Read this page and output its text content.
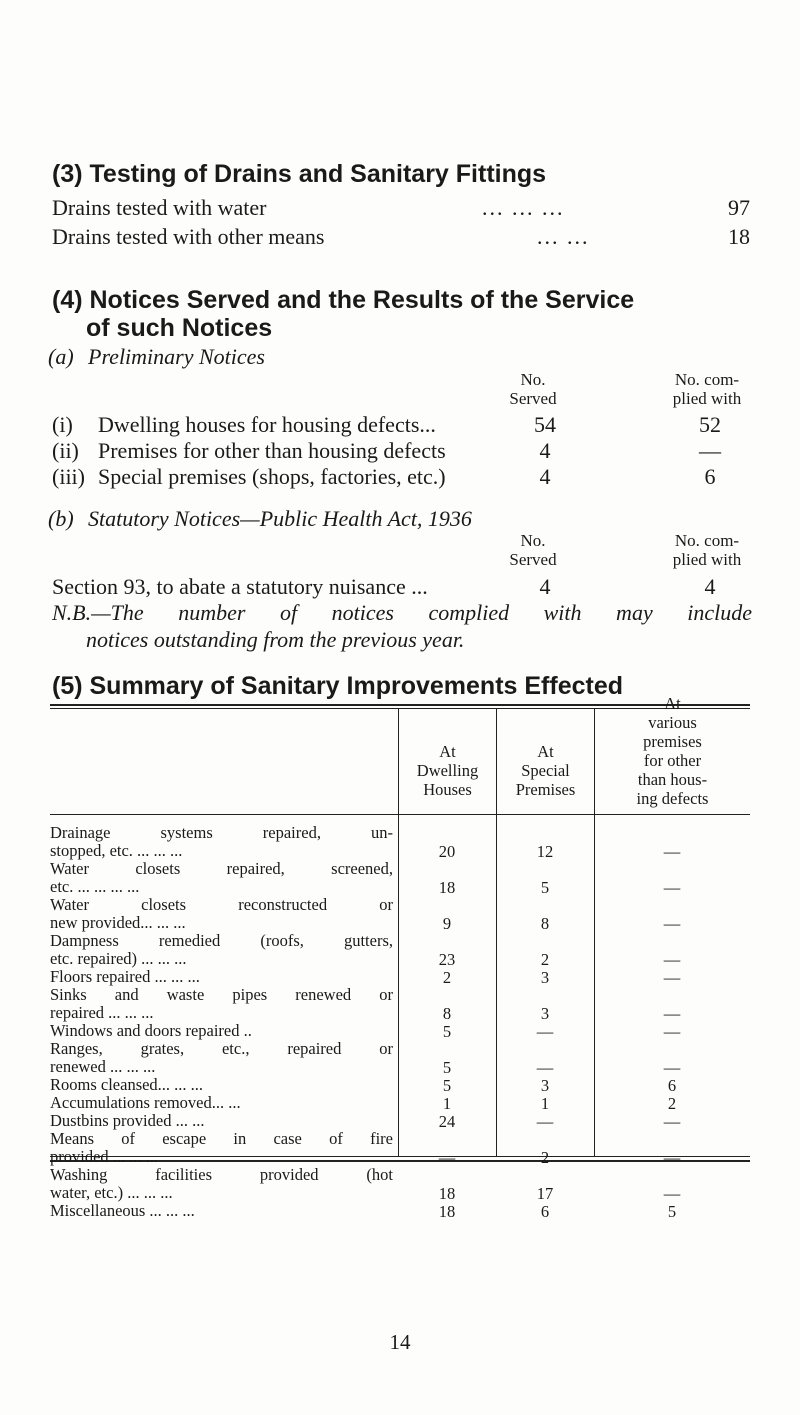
(3) Testing of Drains and Sanitary Fittings
Drains tested with water	... ... ...	97
Drains tested with other means	... ...	18
(4) Notices Served and the Results of the Service
of such Notices
(a) Preliminary Notices
No.
Served
No. com-
plied with
(i) Dwelling houses for housing defects...	54	52
(ii) Premises for other than housing defects	4	—
(iii) Special premises (shops, factories, etc.)	4	6
(b) Statutory Notices—Public Health Act, 1936
No.
Served
No. com-
plied with
Section 93, to abate a statutory nuisance ...	4	4
N.B.—The number of notices complied with may include
notices outstanding from the previous year.
(5) Summary of Sanitary Improvements Effected
At
Dwelling
Houses
At
Special
Premises
At
various
premises
for other
than hous-
ing defects
Drainage systems repaired, un-
stopped, etc. ... ... ...	20	12	—
Water closets repaired, screened,
etc. ... ... ... ...	18	5	—
Water closets reconstructed or
new provided... ... ...	9	8	—
Dampness remedied (roofs, gutters,
etc. repaired) ... ... ...	23	2	—
Floors repaired ... ... ...	2	3	—
Sinks and waste pipes renewed or
repaired ... ... ...	8	3	—
Windows and doors repaired ..	5	—	—
Ranges, grates, etc., repaired or
renewed ... ... ...	5	—	—
Rooms cleansed... ... ...	5	3	6
Accumulations removed... ...	1	1	2
Dustbins provided ... ...	24	—	—
Means of escape in case of fire
provided ... ... ...	—	2	—
Washing facilities provided (hot
water, etc.) ... ... ...	18	17	—
Miscellaneous ... ... ...	18	6	5
14
